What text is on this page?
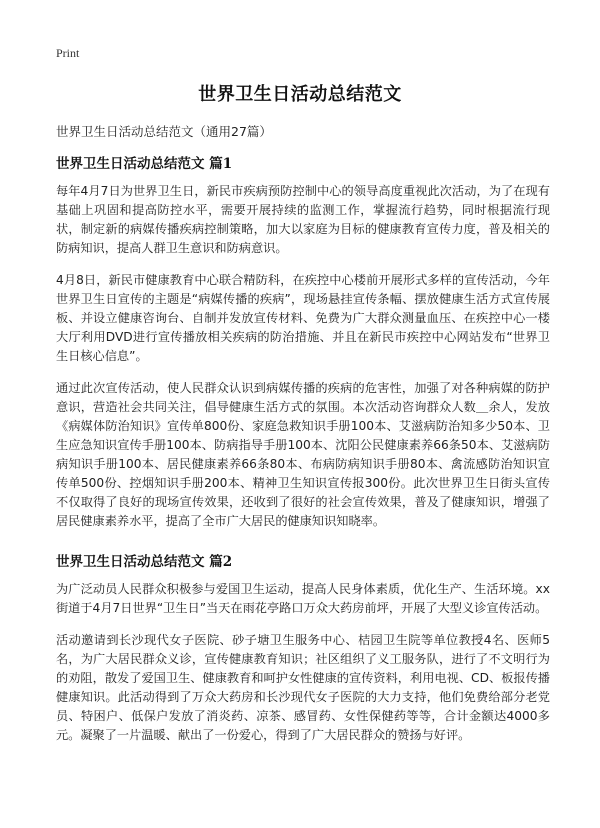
Print
世界卫生日活动总结范文

世界卫生日活动总结范文（通用27篇）

世界卫生日活动总结范文 篇1

每年4月7日为世界卫生日，新民市疾病预防控制中心的领导高度重视此次活动，为了在现有基础上巩固和提高防控水平，需要开展持续的监测工作，掌握流行趋势，同时根据流行现状，制定新的病媒传播疾病控制策略，加大以家庭为目标的健康教育宣传力度，普及相关的防病知识，提高人群卫生意识和防病意识。

4月8日，新民市健康教育中心联合精防科，在疾控中心楼前开展形式多样的宣传活动，今年世界卫生日宣传的主题是“病媒传播的疾病”，现场悬挂宣传条幅、摆放健康生活方式宣传展板、并设立健康咨询台、自制并发放宣传材料、免费为广大群众测量血压、在疾控中心一楼大厅利用DVD进行宣传播放相关疾病的防治措施、并且在新民市疾控中心网站发布“世界卫生日核心信息”。

通过此次宣传活动，使人民群众认识到病媒传播的疾病的危害性，加强了对各种病媒的防护意识，营造社会共同关注，倡导健康生活方式的氛围。本次活动咨询群众人数＿余人，发放《病媒体防治知识》宣传单800份、家庭急救知识手册100本、艾滋病防治知多少50本、卫生应急知识宣传手册100本、防病指导手册100本、沈阳公民健康素养66条50本、艾滋病防病知识手册100本、居民健康素养66条80本、布病防病知识手册80本、禽流感防治知识宣传单500份、控烟知识手册200本、精神卫生知识宣传报300份。此次世界卫生日街头宣传不仅取得了良好的现场宣传效果，还收到了很好的社会宣传效果，普及了健康知识，增强了居民健康素养水平，提高了全市广大居民的健康知识知晓率。

世界卫生日活动总结范文 篇2

为广泛动员人民群众积极参与爱国卫生运动，提高人民身体素质，优化生产、生活环境。xx街道于4月7日世界“卫生日”当天在雨花亭路口万众大药房前坪，开展了大型义诊宣传活动。

活动邀请到长沙现代女子医院、砂子塘卫生服务中心、桔园卫生院等单位教授4名、医师5名，为广大居民群众义诊，宣传健康教育知识；社区组织了义工服务队，进行了不文明行为的劝阻，散发了爱国卫生、健康教育和呵护女性健康的宣传资料，利用电视、CD、板报传播健康知识。此活动得到了万众大药房和长沙现代女子医院的大力支持，他们免费给部分老党员、特困户、低保户发放了消炎药、凉茶、感冒药、女性保健药等等，合计金额达4000多元。凝聚了一片温暖、献出了一份爱心，得到了广大居民群众的赞扬与好评。
